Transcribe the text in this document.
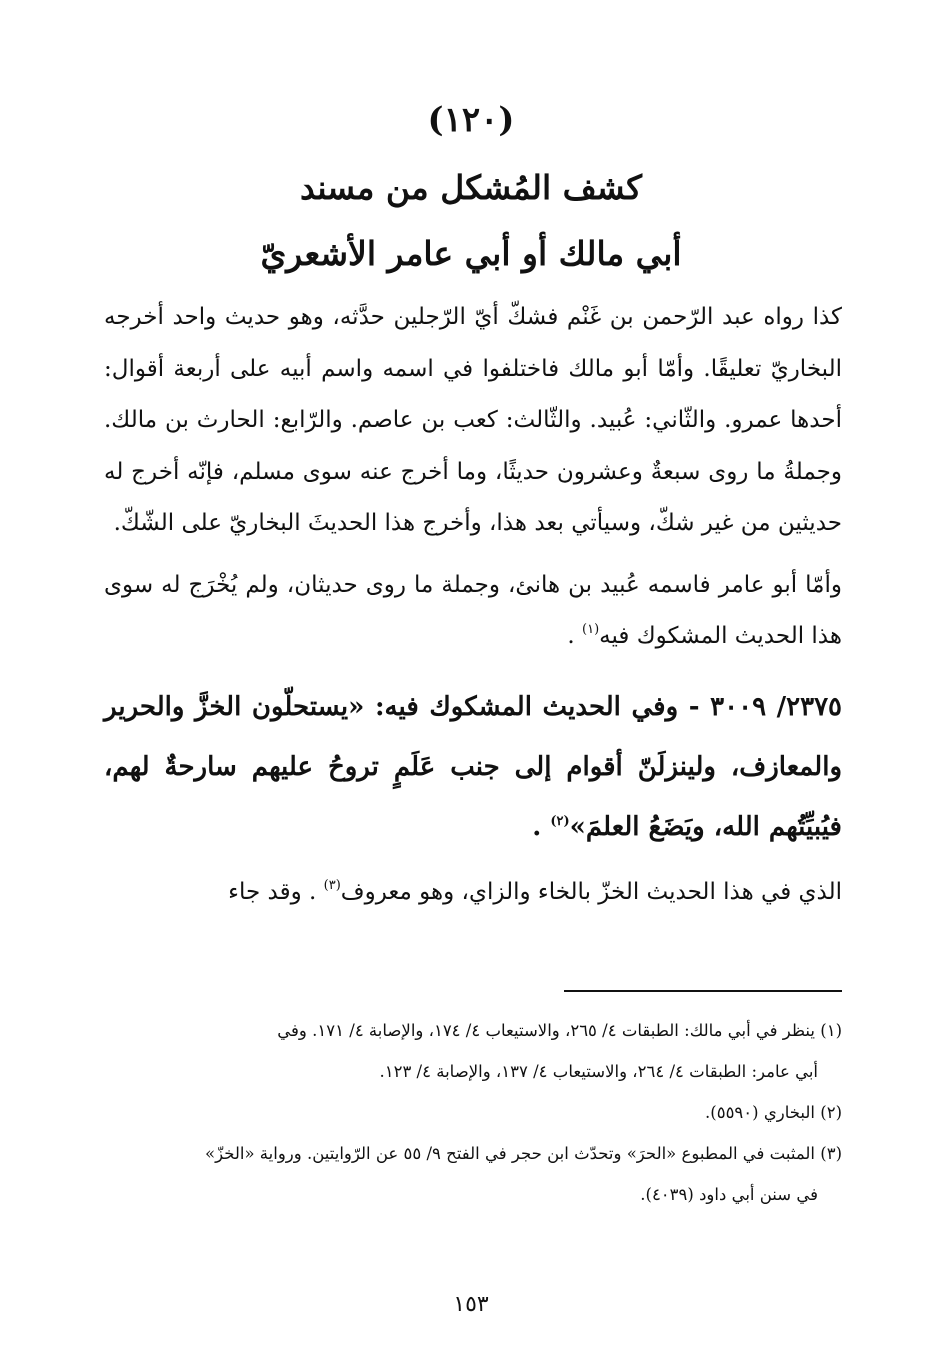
(١٢٠)
كشف المُشكل من مسند
أبي مالك أو أبي عامر الأشعريّ

كذا رواه عبد الرّحمن بن غَنْم فشكّ أيّ الرّجلين حدَّثه، وهو حديث واحد أخرجه البخاريّ تعليقًا. وأمّا أبو مالك فاختلفوا في اسمه واسم أبيه على أربعة أقوال: أحدها عمرو. والثّاني: عُبيد. والثّالث: كعب بن عاصم. والرّابع: الحارث بن مالك. وجملةُ ما روى سبعةٌ وعشرون حديثًا، وما أخرج عنه سوى مسلم، فإنّه أخرج له حديثين من غير شكّ، وسيأتي بعد هذا، وأخرج هذا الحديثَ البخاريّ على الشّكّ.

وأمّا أبو عامر فاسمه عُبيد بن هانئ، وجملة ما روى حديثان، ولم يُخْرَج له سوى هذا الحديث المشكوك فيه$^{(١)}$ .

٢٣٧٥/ ٣٠٠٩ - وفي الحديث المشكوك فيه: «يستحلّون الخزَّ والحرير والمعازف، ولينزلَنّ أقوام إلى جنب عَلَمٍ تروحُ عليهم سارحةٌ لهم، فيُبيِّتُهم الله، ويَضَعُ العلمَ»$^{(٢)}$ .

الذي في هذا الحديث الخزّ بالخاء والزاي، وهو معروف$^{(٣)}$ . وقد جاء

(١) ينظر في أبي مالك: الطبقات ٤/ ٢٦٥، والاستيعاب ٤/ ١٧٤، والإصابة ٤/ ١٧١. وفي

أبي عامر: الطبقات ٤/ ٢٦٤، والاستيعاب ٤/ ١٣٧، والإصابة ٤/ ١٢٣.

(٢) البخاري (٥٥٩٠).

(٣) المثبت في المطبوع «الحرَ» وتحدّث ابن حجر في الفتح ٩/ ٥٥ عن الرّوايتين. ورواية «الخزّ»

في سنن أبي داود (٤٠٣٩).

١٥٣
